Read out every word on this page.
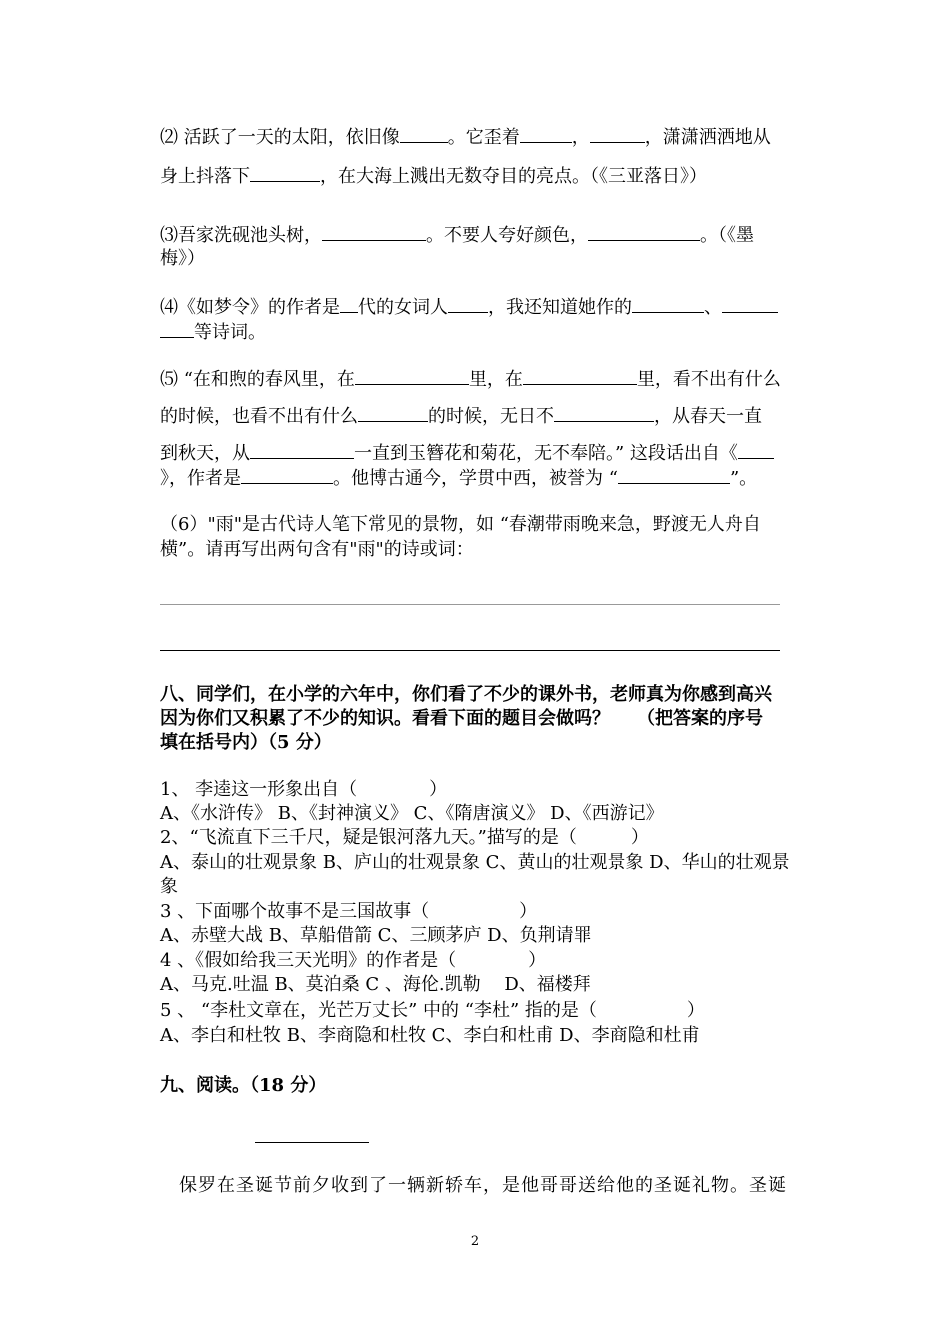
⑵ 活跃了一天的太阳，依旧像	。它歪着	，	，潇潇洒洒地从
身上抖落下	，在大海上溅出无数夺目的亮点。（《三亚落日》）
⑶吾家洗砚池头树，	。不要人夸好颜色，	。（《墨
梅》）
⑷《如梦令》的作者是 代的女词人 ，我还知道她作的	、
等诗词。
⑸ “在和煦的春风里，在	里，在	里，看不出有什么
的时候，也看不出有什么	的时候，无日不	，从春天一直
到秋天，从	一直到玉簪花和菊花，无不奉陪。” 这段话出自《
》，作者是	。他博古通今，学贯中西，被誉为 “	”。
（6）"雨"是古代诗人笔下常见的景物，如 “春潮带雨晚来急，野渡无人舟自
横”。请再写出两句含有"雨"的诗或词：
八、同学们，在小学的六年中，你们看了不少的课外书，老师真为你感到高兴
因为你们又积累了不少的知识。看看下面的题目会做吗？　　（把答案的序号
填在括号内）（5 分）
1、 李逵这一形象出自（　　　　）
A、《水浒传》 B、《封神演义》 C、《隋唐演义》 D、《西游记》
2、“飞流直下三千尺，疑是银河落九天。”描写的是（　　　）
A、泰山的壮观景象 B、庐山的壮观景象 C、黄山的壮观景象 D、华山的壮观景
象
3 、下面哪个故事不是三国故事（　　　　　）
A、赤壁大战 B、草船借箭 C、三顾茅庐 D、负荆请罪
4 、《假如给我三天光明》的作者是（　　　　）
A、马克.吐温 B、莫泊桑 C 、海伦.凯勒　 D、福楼拜
5 、 “李杜文章在，光芒万丈长” 中的 “李杜” 指的是（　　　　　）
A、李白和杜牧 B、李商隐和杜牧 C、李白和杜甫 D、李商隐和杜甫
九、阅读。（18 分）
　保罗在圣诞节前夕收到了一辆新轿车，是他哥哥送给他的圣诞礼物。圣诞
2
